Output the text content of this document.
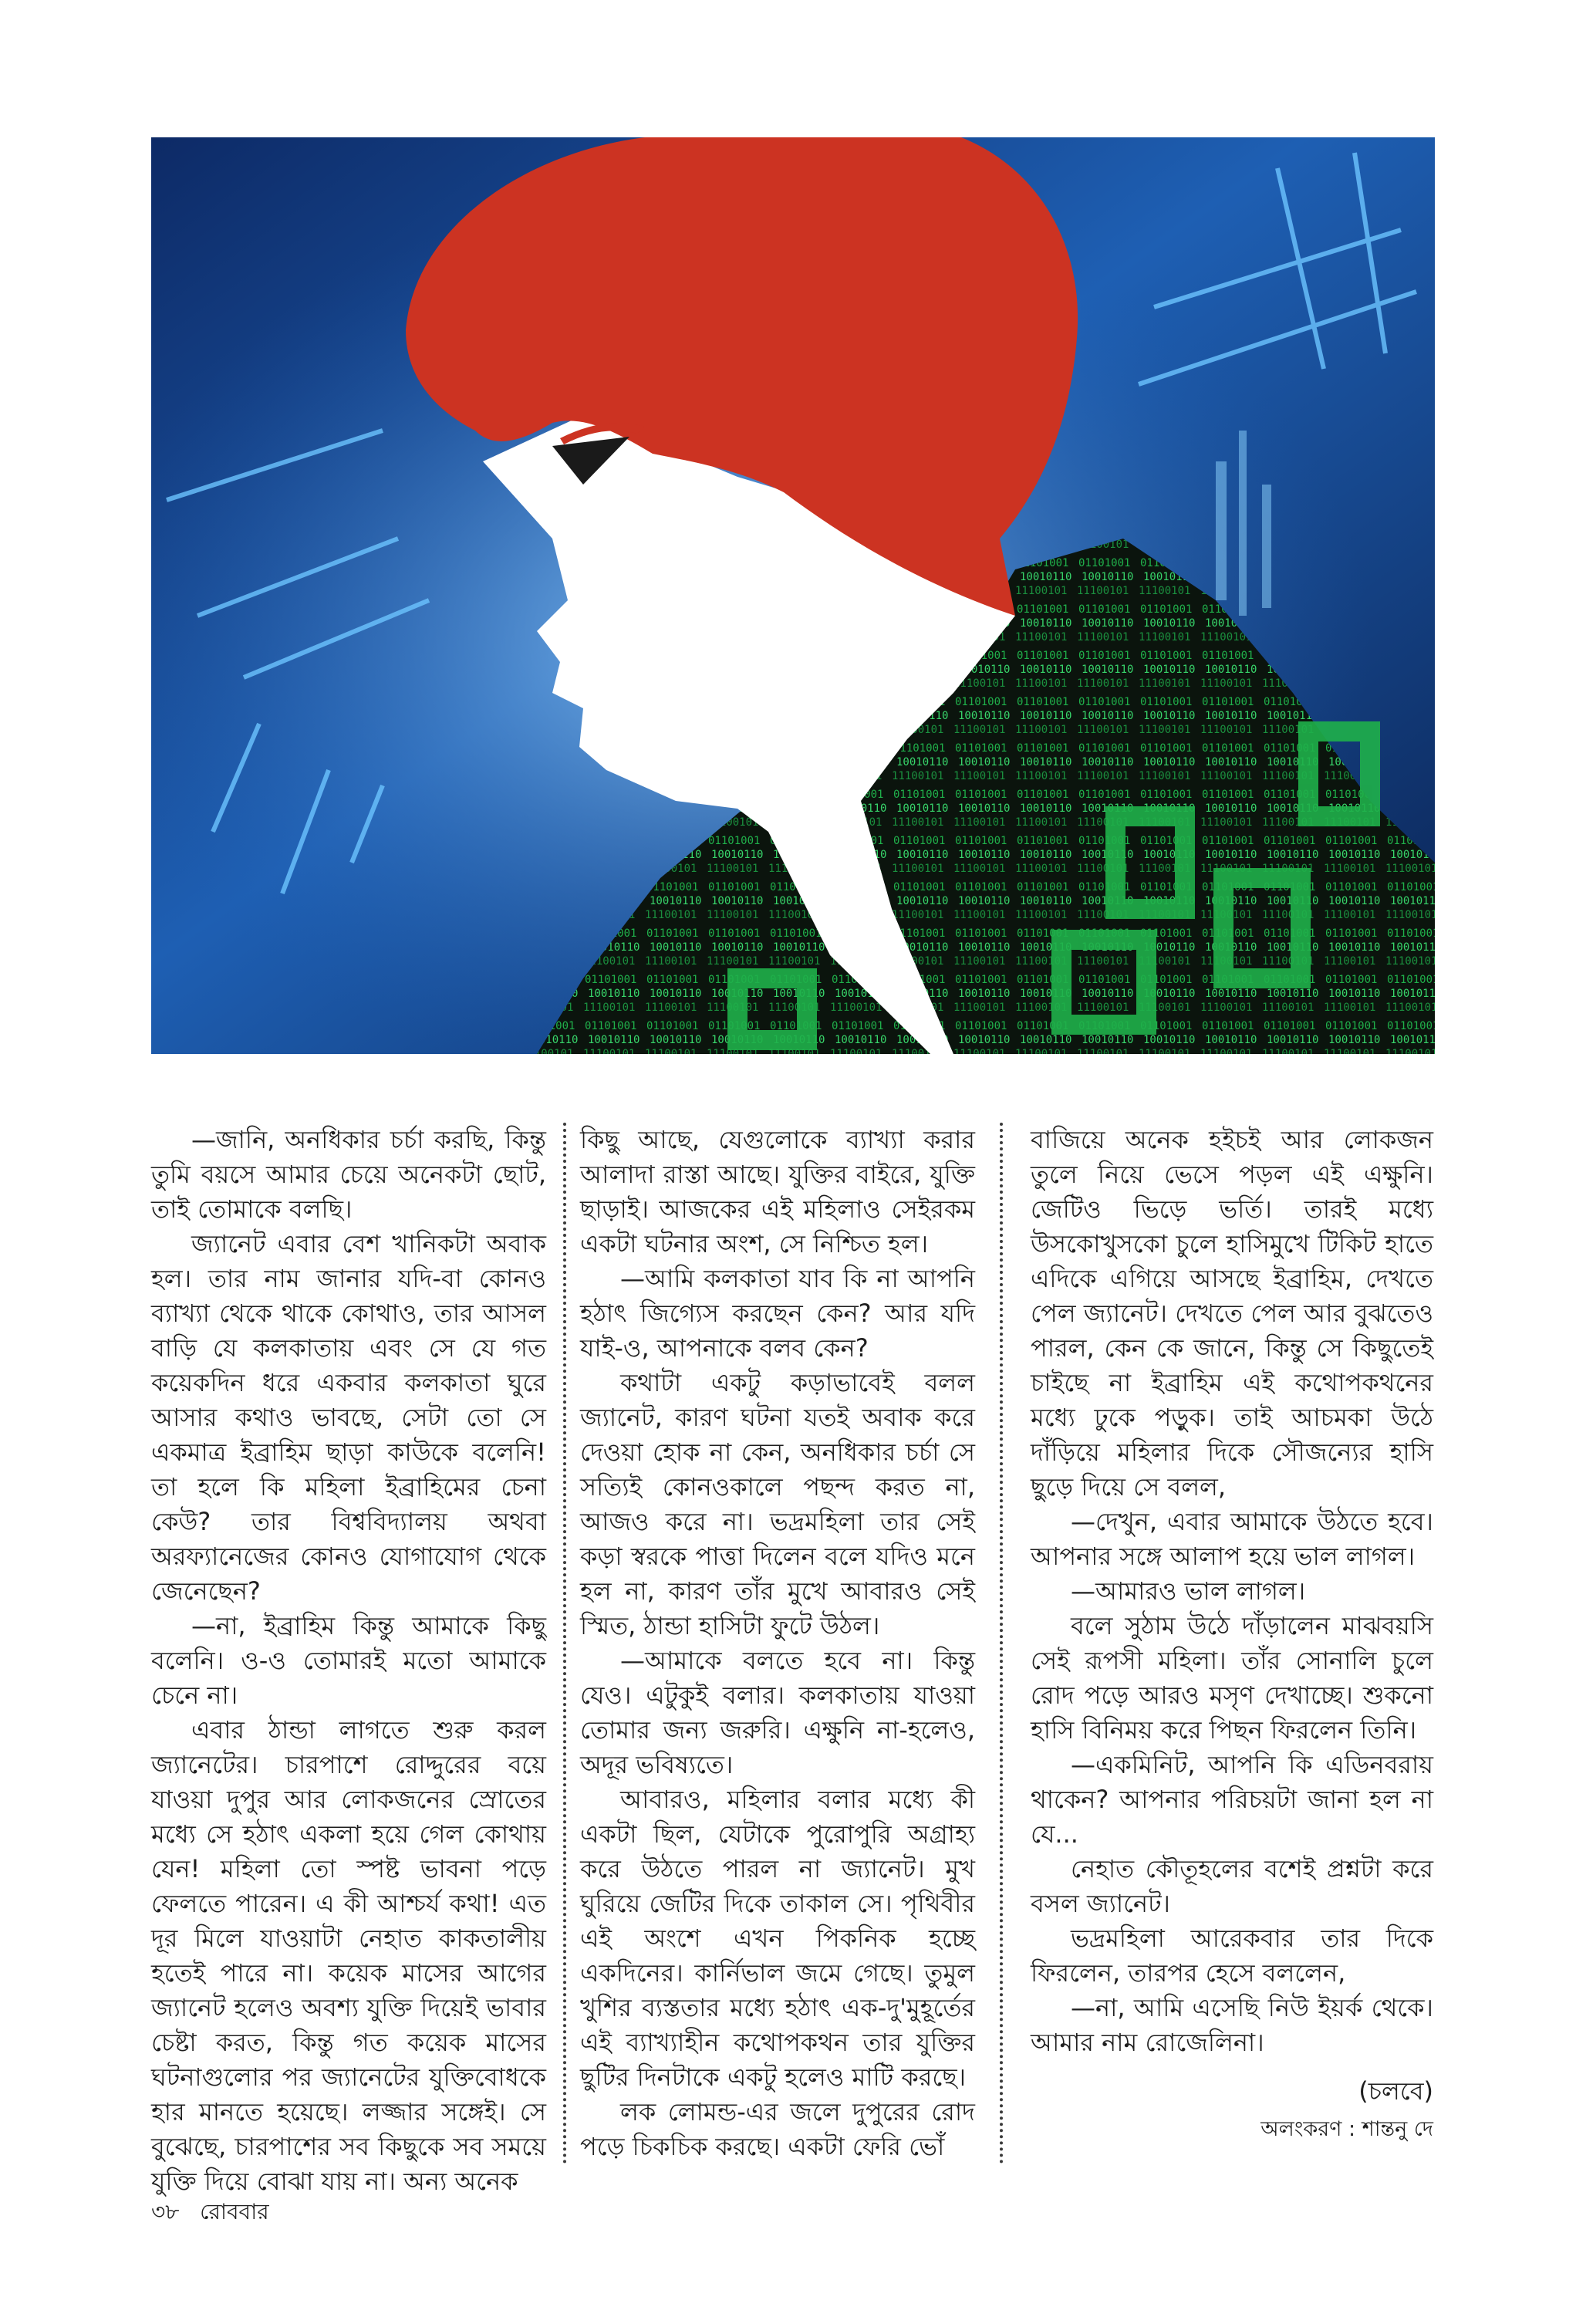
—জানি, অনধিকার চর্চা করছি, কিন্তু তুমি বয়সে আমার চেয়ে অনেকটা ছোট, তাই তোমাকে বলছি।

জ্যানেট এবার বেশ খানিকটা অবাক হল। তার নাম জানার যদি-বা কোনও ব্যাখ্যা থেকে থাকে কোথাও, তার আসল বাড়ি যে কলকাতায় এবং সে যে গত কয়েকদিন ধরে একবার কলকাতা ঘুরে আসার কথাও ভাবছে, সেটা তো সে একমাত্র ইব্রাহিম ছাড়া কাউকে বলেনি! তা হলে কি মহিলা ইব্রাহিমের চেনা কেউ? তার বিশ্ববিদ্যালয় অথবা অরফ্যানেজের কোনও যোগাযোগ থেকে জেনেছেন?

—না, ইব্রাহিম কিন্তু আমাকে কিছু বলেনি। ও-ও তোমারই মতো আমাকে চেনে না।

এবার ঠান্ডা লাগতে শুরু করল জ্যানেটের। চারপাশে রোদ্দুরের বয়ে যাওয়া দুপুর আর লোকজনের স্রোতের মধ্যে সে হঠাৎ একলা হয়ে গেল কোথায় যেন! মহিলা তো স্পষ্ট ভাবনা পড়ে ফেলতে পারেন। এ কী আশ্চর্য কথা! এত দূর মিলে যাওয়াটা নেহাত কাকতালীয় হতেই পারে না। কয়েক মাসের আগের জ্যানেট হলেও অবশ্য যুক্তি দিয়েই ভাবার চেষ্টা করত, কিন্তু গত কয়েক মাসের ঘটনাগুলোর পর জ্যানেটের যুক্তিবোধকে হার মানতে হয়েছে। লজ্জার সঙ্গেই। সে বুঝেছে, চারপাশের সব কিছুকে সব সময়ে যুক্তি দিয়ে বোঝা যায় না। অন্য অনেক

কিছু আছে, যেগুলোকে ব্যাখ্যা করার আলাদা রাস্তা আছে। যুক্তির বাইরে, যুক্তি ছাড়াই। আজকের এই মহিলাও সেইরকম একটা ঘটনার অংশ, সে নিশ্চিত হল।

—আমি কলকাতা যাব কি না আপনি হঠাৎ জিগ্যেস করছেন কেন? আর যদি যাই-ও, আপনাকে বলব কেন?

কথাটা একটু কড়াভাবেই বলল জ্যানেট, কারণ ঘটনা যতই অবাক করে দেওয়া হোক না কেন, অনধিকার চর্চা সে সত্যিই কোনওকালে পছন্দ করত না, আজও করে না। ভদ্রমহিলা তার সেই কড়া স্বরকে পাত্তা দিলেন বলে যদিও মনে হল না, কারণ তাঁর মুখে আবারও সেই স্মিত, ঠান্ডা হাসিটা ফুটে উঠল।

—আমাকে বলতে হবে না। কিন্তু যেও। এটুকুই বলার। কলকাতায় যাওয়া তোমার জন্য জরুরি। এক্ষুনি না-হলেও, অদূর ভবিষ্যতে।

আবারও, মহিলার বলার মধ্যে কী একটা ছিল, যেটাকে পুরোপুরি অগ্রাহ্য করে উঠতে পারল না জ্যানেট। মুখ ঘুরিয়ে জেটির দিকে তাকাল সে। পৃথিবীর এই অংশে এখন পিকনিক হচ্ছে একদিনের। কার্নিভাল জমে গেছে। তুমুল খুশির ব্যস্ততার মধ্যে হঠাৎ এক-দু'মুহূর্তের এই ব্যাখ্যাহীন কথোপকথন তার যুক্তির ছুটির দিনটাকে একটু হলেও মাটি করছে।

লক লোমন্ড-এর জলে দুপুরের রোদ পড়ে চিকচিক করছে। একটা ফেরি ভোঁ

বাজিয়ে অনেক হইচই আর লোকজন তুলে নিয়ে ভেসে পড়ল এই এক্ষুনি। জেটিও ভিড়ে ভর্তি। তারই মধ্যে উসকোখুসকো চুলে হাসিমুখে টিকিট হাতে এদিকে এগিয়ে আসছে ইব্রাহিম, দেখতে পেল জ্যানেট। দেখতে পেল আর বুঝতেও পারল, কেন কে জানে, কিন্তু সে কিছুতেই চাইছে না ইব্রাহিম এই কথোপকথনের মধ্যে ঢুকে পড়ুক। তাই আচমকা উঠে দাঁড়িয়ে মহিলার দিকে সৌজন্যের হাসি ছুড়ে দিয়ে সে বলল,

—দেখুন, এবার আমাকে উঠতে হবে। আপনার সঙ্গে আলাপ হয়ে ভাল লাগল।

—আমারও ভাল লাগল।

বলে সুঠাম উঠে দাঁড়ালেন মাঝবয়সি সেই রূপসী মহিলা। তাঁর সোনালি চুলে রোদ পড়ে আরও মসৃণ দেখাচ্ছে। শুকনো হাসি বিনিময় করে পিছন ফিরলেন তিনি।

—একমিনিট, আপনি কি এডিনবরায় থাকেন? আপনার পরিচয়টা জানা হল না যে...

নেহাত কৌতূহলের বশেই প্রশ্নটা করে বসল জ্যানেট।

ভদ্রমহিলা আরেকবার তার দিকে ফিরলেন, তারপর হেসে বললেন,

—না, আমি এসেছি নিউ ইয়র্ক থেকে। আমার নাম রোজেলিনা।

(চলবে)
অলংকরণ : শান্তনু দে
৩৮ রোববার
